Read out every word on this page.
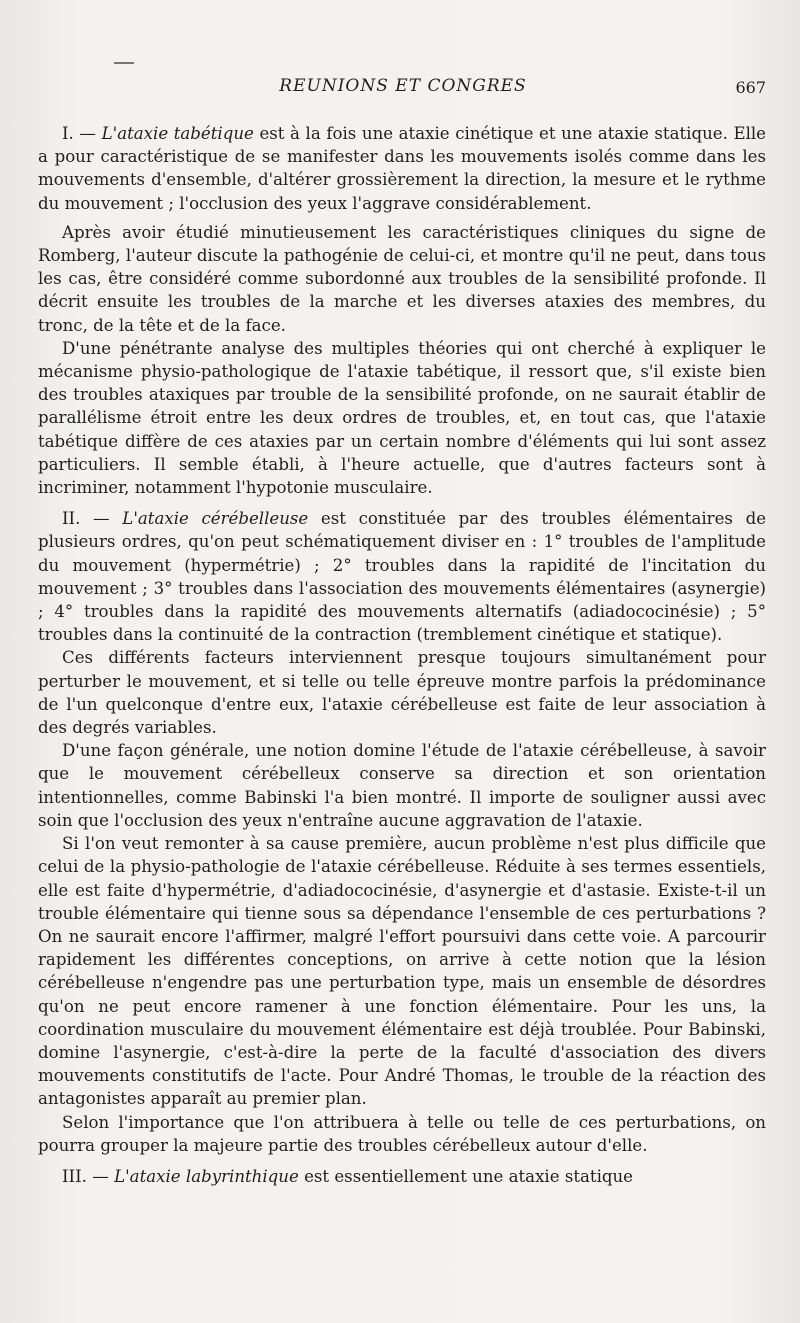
REUNIONS ET CONGRES	667

I. — L'ataxie tabétique est à la fois une ataxie cinétique et une ataxie statique. Elle a pour caractéristique de se manifester dans les mouvements isolés comme dans les mouvements d'ensemble, d'altérer grossièrement la direction, la mesure et le rythme du mouvement ; l'occlusion des yeux l'aggrave considérablement.

Après avoir étudié minutieusement les caractéristiques cliniques du signe de Romberg, l'auteur discute la pathogénie de celui-ci, et montre qu'il ne peut, dans tous les cas, être considéré comme subordonné aux troubles de la sensibilité profonde. Il décrit ensuite les troubles de la marche et les diverses ataxies des membres, du tronc, de la tête et de la face.

D'une pénétrante analyse des multiples théories qui ont cherché à expliquer le mécanisme physio-pathologique de l'ataxie tabétique, il ressort que, s'il existe bien des troubles ataxiques par trouble de la sensibilité profonde, on ne saurait établir de parallélisme étroit entre les deux ordres de troubles, et, en tout cas, que l'ataxie tabétique diffère de ces ataxies par un certain nombre d'éléments qui lui sont assez particuliers. Il semble établi, à l'heure actuelle, que d'autres facteurs sont à incriminer, notamment l'hypotonie musculaire.

II. — L'ataxie cérébelleuse est constituée par des troubles élémentaires de plusieurs ordres, qu'on peut schématiquement diviser en : 1° troubles de l'amplitude du mouvement (hypermétrie) ; 2° troubles dans la rapidité de l'incitation du mouvement ; 3° troubles dans l'association des mouvements élémentaires (asynergie) ; 4° troubles dans la rapidité des mouvements alternatifs (adiadococinésie) ; 5° troubles dans la continuité de la contraction (tremblement cinétique et statique).

Ces différents facteurs interviennent presque toujours simultanément pour perturber le mouvement, et si telle ou telle épreuve montre parfois la prédominance de l'un quelconque d'entre eux, l'ataxie cérébelleuse est faite de leur association à des degrés variables.

D'une façon générale, une notion domine l'étude de l'ataxie cérébelleuse, à savoir que le mouvement cérébelleux conserve sa direction et son orientation intentionnelles, comme Babinski l'a bien montré. Il importe de souligner aussi avec soin que l'occlusion des yeux n'entraîne aucune aggravation de l'ataxie.

Si l'on veut remonter à sa cause première, aucun problème n'est plus difficile que celui de la physio-pathologie de l'ataxie cérébelleuse. Réduite à ses termes essentiels, elle est faite d'hypermétrie, d'adiadococinésie, d'asynergie et d'astasie. Existe-t-il un trouble élémentaire qui tienne sous sa dépendance l'ensemble de ces perturbations ? On ne saurait encore l'affirmer, malgré l'effort poursuivi dans cette voie. A parcourir rapidement les différentes conceptions, on arrive à cette notion que la lésion cérébelleuse n'engendre pas une perturbation type, mais un ensemble de désordres qu'on ne peut encore ramener à une fonction élémentaire. Pour les uns, la coordination musculaire du mouvement élémentaire est déjà troublée. Pour Babinski, domine l'asynergie, c'est-à-dire la perte de la faculté d'association des divers mouvements constitutifs de l'acte. Pour André Thomas, le trouble de la réaction des antagonistes apparaît au premier plan.

Selon l'importance que l'on attribuera à telle ou telle de ces perturbations, on pourra grouper la majeure partie des troubles cérébelleux autour d'elle.

III. — L'ataxie labyrinthique est essentiellement une ataxie statique
